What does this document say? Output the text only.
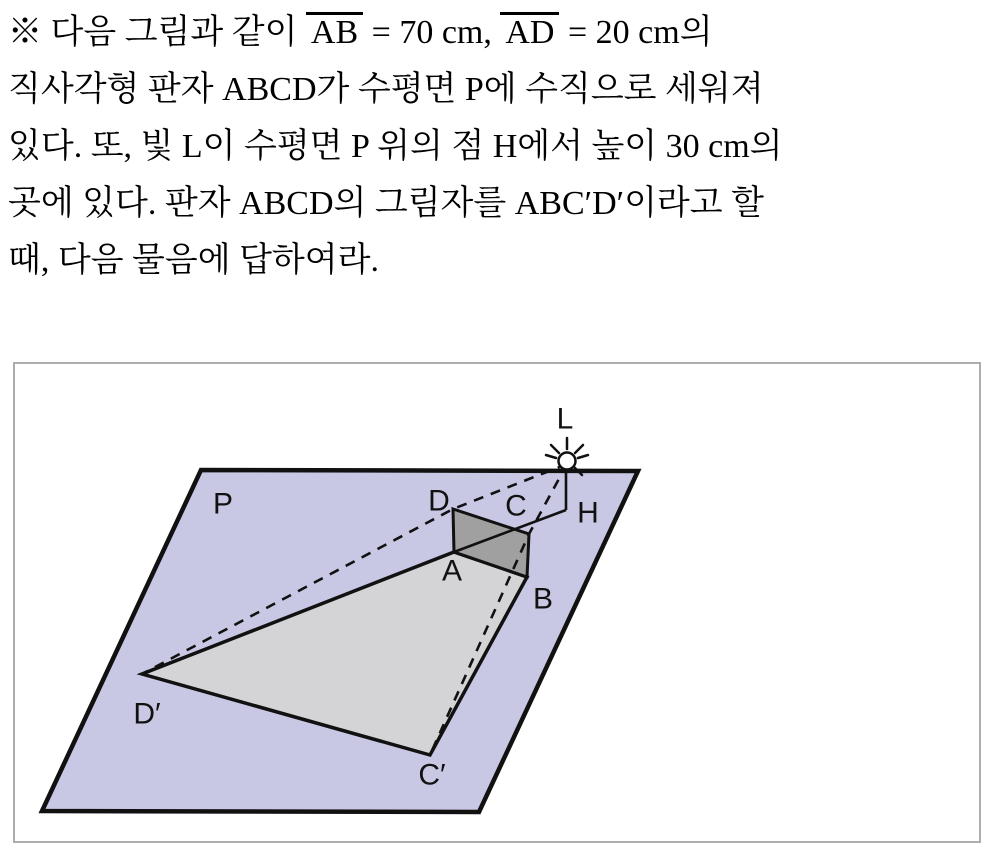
※ 다음 그림과 같이 AB = 70 cm, AD = 20 cm의
직사각형 판자 ABCD가 수평면 P에 수직으로 세워져
있다. 또, 빛 L이 수평면 P 위의 점 H에서 높이 30 cm의
곳에 있다. 판자 ABCD의 그림자를 ABC′D′이라고 할
때, 다음 물음에 답하여라.
L
P	D C H
A
B
D′
C′
